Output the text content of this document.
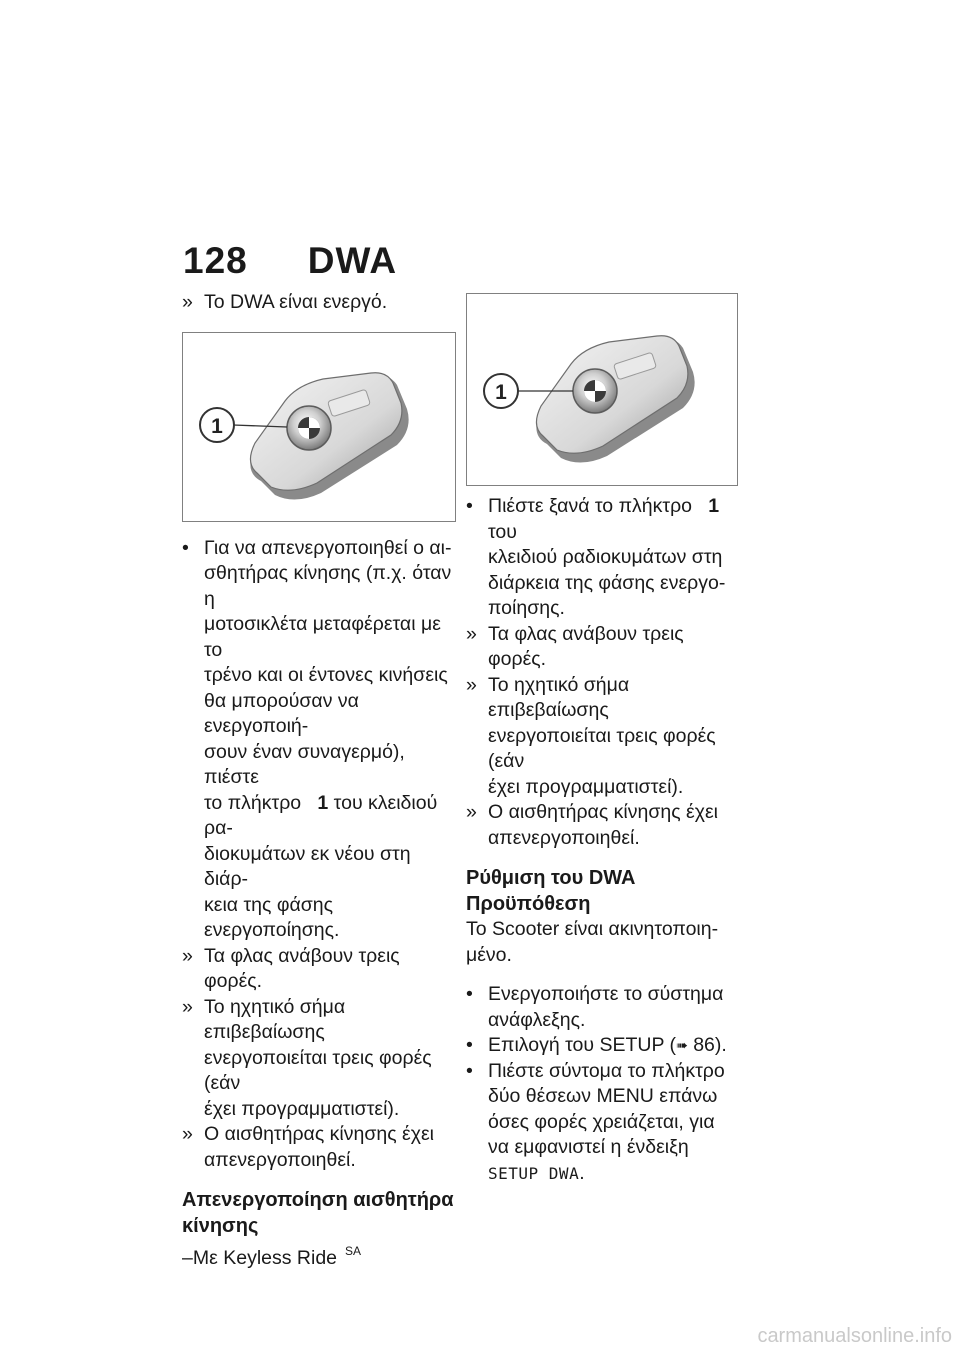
128 DWA

» Το DWA είναι ενεργό.

1

• Για να απενεργοποιηθεί ο αι-
σθητήρας κίνησης (π.χ. όταν η
μοτοσικλέτα μεταφέρεται με το
τρένο και οι έντονες κινήσεις
θα μπορούσαν να ενεργοποιή-
σουν έναν συναγερμό), πιέστε
το πλήκτρο 1 του κλειδιού ρα-
διοκυμάτων εκ νέου στη διάρ-
κεια της φάσης ενεργοποίησης.

» Τα φλας ανάβουν τρεις φορές.

» Το ηχητικό σήμα επιβεβαίωσης
ενεργοποιείται τρεις φορές (εάν
έχει προγραμματιστεί).

» Ο αισθητήρας κίνησης έχει
απενεργοποιηθεί.

Απενεργοποίηση αισθητήρα
κίνησης

–Με Keyless Ride $^{SA}$

1

• Πιέστε ξανά το πλήκτρο 1 του
κλειδιού ραδιοκυμάτων στη
διάρκεια της φάσης ενεργο-
ποίησης.

» Τα φλας ανάβουν τρεις φορές.

» Το ηχητικό σήμα επιβεβαίωσης
ενεργοποιείται τρεις φορές (εάν
έχει προγραμματιστεί).

» Ο αισθητήρας κίνησης έχει
απενεργοποιηθεί.

Ρύθμιση του DWA

Προϋπόθεση

Το Scooter είναι ακινητοποιη-
μένο.

• Ενεργοποιήστε το σύστημα
ανάφλεξης.

• Επιλογή του SETUP (➠ 86).

• Πιέστε σύντομα το πλήκτρο
δύο θέσεων MENU επάνω
όσες φορές χρειάζεται, για
να εμφανιστεί η ένδειξη
SETUP DWA.

carmanualsonline.info
